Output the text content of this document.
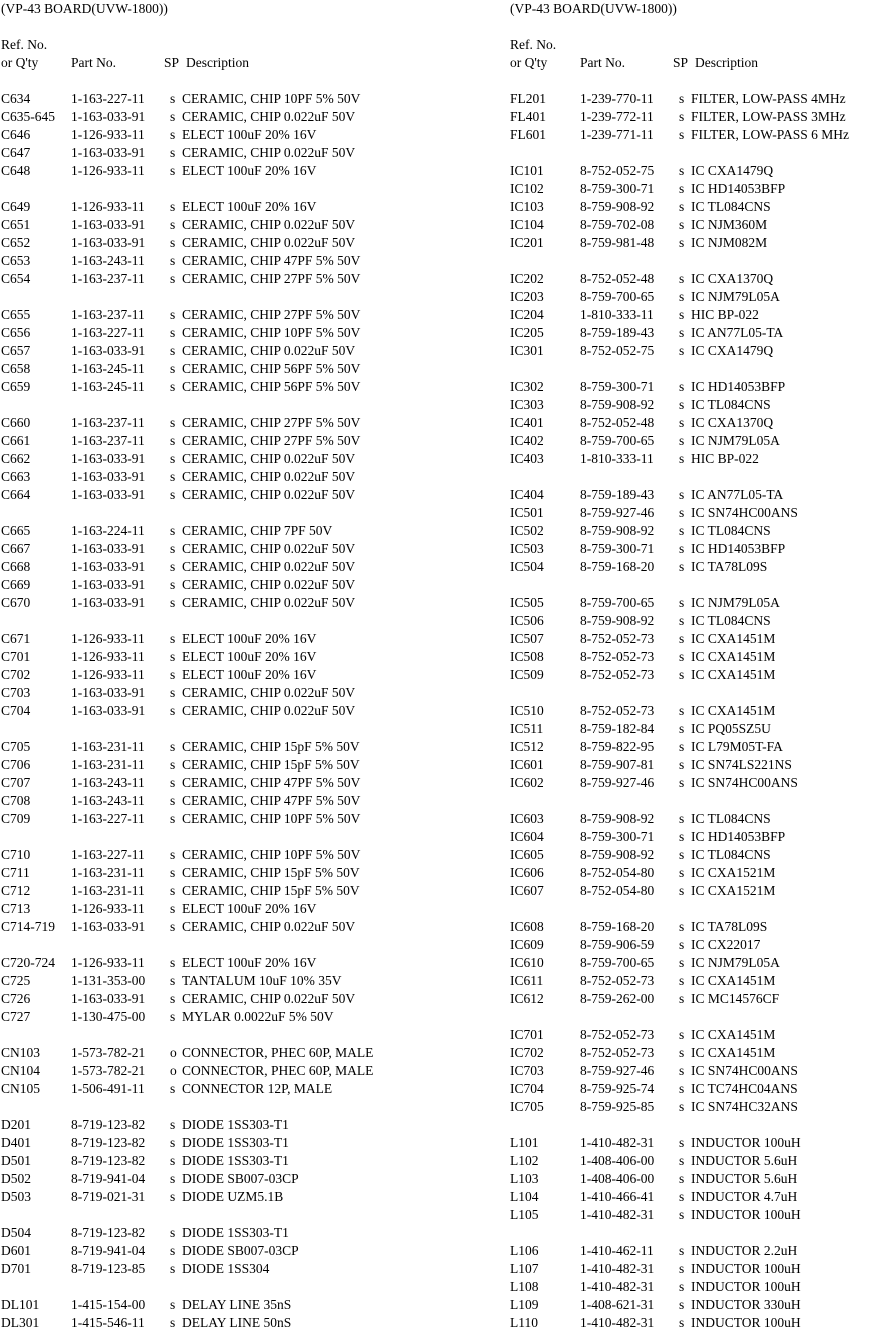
(VP-43 BOARD(UVW-1800))
Ref. No.
or Q'ty Part No.	SP Description
C634	1-163-227-11 s CERAMIC, CHIP 10PF 5% 50V
C635-645 1-163-033-91 s CERAMIC, CHIP 0.022uF 50V
C646	1-126-933-11 s ELECT 100uF 20% 16V
C647	1-163-033-91 s CERAMIC, CHIP 0.022uF 50V
C648	1-126-933-11 s ELECT 100uF 20% 16V
C649	1-126-933-11 s ELECT 100uF 20% 16V
C651	1-163-033-91 s CERAMIC, CHIP 0.022uF 50V
C652	1-163-033-91 s CERAMIC, CHIP 0.022uF 50V
C653	1-163-243-11 s CERAMIC, CHIP 47PF 5% 50V
C654	1-163-237-11 s CERAMIC, CHIP 27PF 5% 50V
C655	1-163-237-11 s CERAMIC, CHIP 27PF 5% 50V
C656	1-163-227-11 s CERAMIC, CHIP 10PF 5% 50V
C657	1-163-033-91 s CERAMIC, CHIP 0.022uF 50V
C658	1-163-245-11 s CERAMIC, CHIP 56PF 5% 50V
C659	1-163-245-11 s CERAMIC, CHIP 56PF 5% 50V
C660	1-163-237-11 s CERAMIC, CHIP 27PF 5% 50V
C661	1-163-237-11 s CERAMIC, CHIP 27PF 5% 50V
C662	1-163-033-91 s CERAMIC, CHIP 0.022uF 50V
C663	1-163-033-91 s CERAMIC, CHIP 0.022uF 50V
C664	1-163-033-91 s CERAMIC, CHIP 0.022uF 50V
C665	1-163-224-11 s CERAMIC, CHIP 7PF 50V
C667	1-163-033-91 s CERAMIC, CHIP 0.022uF 50V
C668	1-163-033-91 s CERAMIC, CHIP 0.022uF 50V
C669	1-163-033-91 s CERAMIC, CHIP 0.022uF 50V
C670	1-163-033-91 s CERAMIC, CHIP 0.022uF 50V
C671	1-126-933-11 s ELECT 100uF 20% 16V
C701	1-126-933-11 s ELECT 100uF 20% 16V
C702	1-126-933-11 s ELECT 100uF 20% 16V
C703	1-163-033-91 s CERAMIC, CHIP 0.022uF 50V
C704	1-163-033-91 s CERAMIC, CHIP 0.022uF 50V
C705	1-163-231-11 s CERAMIC, CHIP 15pF 5% 50V
C706	1-163-231-11 s CERAMIC, CHIP 15pF 5% 50V
C707	1-163-243-11 s CERAMIC, CHIP 47PF 5% 50V
C708	1-163-243-11 s CERAMIC, CHIP 47PF 5% 50V
C709	1-163-227-11 s CERAMIC, CHIP 10PF 5% 50V
C710	1-163-227-11 s CERAMIC, CHIP 10PF 5% 50V
C711	1-163-231-11 s CERAMIC, CHIP 15pF 5% 50V
C712	1-163-231-11 s CERAMIC, CHIP 15pF 5% 50V
C713	1-126-933-11 s ELECT 100uF 20% 16V
C714-719 1-163-033-91 s CERAMIC, CHIP 0.022uF 50V
C720-724 1-126-933-11 s ELECT 100uF 20% 16V
C725	1-131-353-00 s TANTALUM 10uF 10% 35V
C726	1-163-033-91 s CERAMIC, CHIP 0.022uF 50V
C727	1-130-475-00 s MYLAR 0.0022uF 5% 50V
CN103 1-573-782-21 o CONNECTOR, PHEC 60P, MALE
CN104 1-573-782-21 o CONNECTOR, PHEC 60P, MALE
CN105 1-506-491-11 s CONNECTOR 12P, MALE
D201	8-719-123-82 s DIODE 1SS303-T1
D401	8-719-123-82 s DIODE 1SS303-T1
D501	8-719-123-82 s DIODE 1SS303-T1
D502	8-719-941-04 s DIODE SB007-03CP
D503	8-719-021-31 s DIODE UZM5.1B
D504	8-719-123-82 s DIODE 1SS303-T1
D601	8-719-941-04 s DIODE SB007-03CP
D701	8-719-123-85 s DIODE 1SS304
DL101 1-415-154-00 s DELAY LINE 35nS
DL301 1-415-546-11 s DELAY LINE 50nS
(VP-43 BOARD(UVW-1800))
Ref. No.
or Q'ty Part No.	SP Description
FL201	1-239-770-11 s FILTER, LOW-PASS 4MHz
FL401	1-239-772-11 s FILTER, LOW-PASS 3MHz
FL601	1-239-771-11 s FILTER, LOW-PASS 6 MHz
IC101	8-752-052-75 s IC CXA1479Q
IC102	8-759-300-71 s IC HD14053BFP
IC103	8-759-908-92 s IC TL084CNS
IC104	8-759-702-08 s IC NJM360M
IC201	8-759-981-48 s IC NJM082M
IC202	8-752-052-48 s IC CXA1370Q
IC203	8-759-700-65 s IC NJM79L05A
IC204	1-810-333-11 s HIC BP-022
IC205	8-759-189-43 s IC AN77L05-TA
IC301	8-752-052-75 s IC CXA1479Q
IC302	8-759-300-71 s IC HD14053BFP
IC303	8-759-908-92 s IC TL084CNS
IC401	8-752-052-48 s IC CXA1370Q
IC402	8-759-700-65 s IC NJM79L05A
IC403	1-810-333-11 s HIC BP-022
IC404	8-759-189-43 s IC AN77L05-TA
IC501	8-759-927-46 s IC SN74HC00ANS
IC502	8-759-908-92 s IC TL084CNS
IC503	8-759-300-71 s IC HD14053BFP
IC504	8-759-168-20 s IC TA78L09S
IC505	8-759-700-65 s IC NJM79L05A
IC506	8-759-908-92 s IC TL084CNS
IC507	8-752-052-73 s IC CXA1451M
IC508	8-752-052-73 s IC CXA1451M
IC509	8-752-052-73 s IC CXA1451M
IC510	8-752-052-73 s IC CXA1451M
IC511	8-759-182-84 s IC PQ05SZ5U
IC512	8-759-822-95 s IC L79M05T-FA
IC601	8-759-907-81 s IC SN74LS221NS
IC602	8-759-927-46 s IC SN74HC00ANS
IC603	8-759-908-92 s IC TL084CNS
IC604	8-759-300-71 s IC HD14053BFP
IC605	8-759-908-92 s IC TL084CNS
IC606	8-752-054-80 s IC CXA1521M
IC607	8-752-054-80 s IC CXA1521M
IC608	8-759-168-20 s IC TA78L09S
IC609	8-759-906-59 s IC CX22017
IC610	8-759-700-65 s IC NJM79L05A
IC611	8-752-052-73 s IC CXA1451M
IC612	8-759-262-00 s IC MC14576CF
IC701	8-752-052-73 s IC CXA1451M
IC702	8-752-052-73 s IC CXA1451M
IC703	8-759-927-46 s IC SN74HC00ANS
IC704	8-759-925-74 s IC TC74HC04ANS
IC705	8-759-925-85 s IC SN74HC32ANS
L101	1-410-482-31 s INDUCTOR 100uH
L102	1-408-406-00 s INDUCTOR 5.6uH
L103	1-408-406-00 s INDUCTOR 5.6uH
L104	1-410-466-41 s INDUCTOR 4.7uH
L105	1-410-482-31 s INDUCTOR 100uH
L106	1-410-462-11 s INDUCTOR 2.2uH
L107	1-410-482-31 s INDUCTOR 100uH
L108	1-410-482-31 s INDUCTOR 100uH
L109	1-408-621-31 s INDUCTOR 330uH
L110	1-410-482-31 s INDUCTOR 100uH
